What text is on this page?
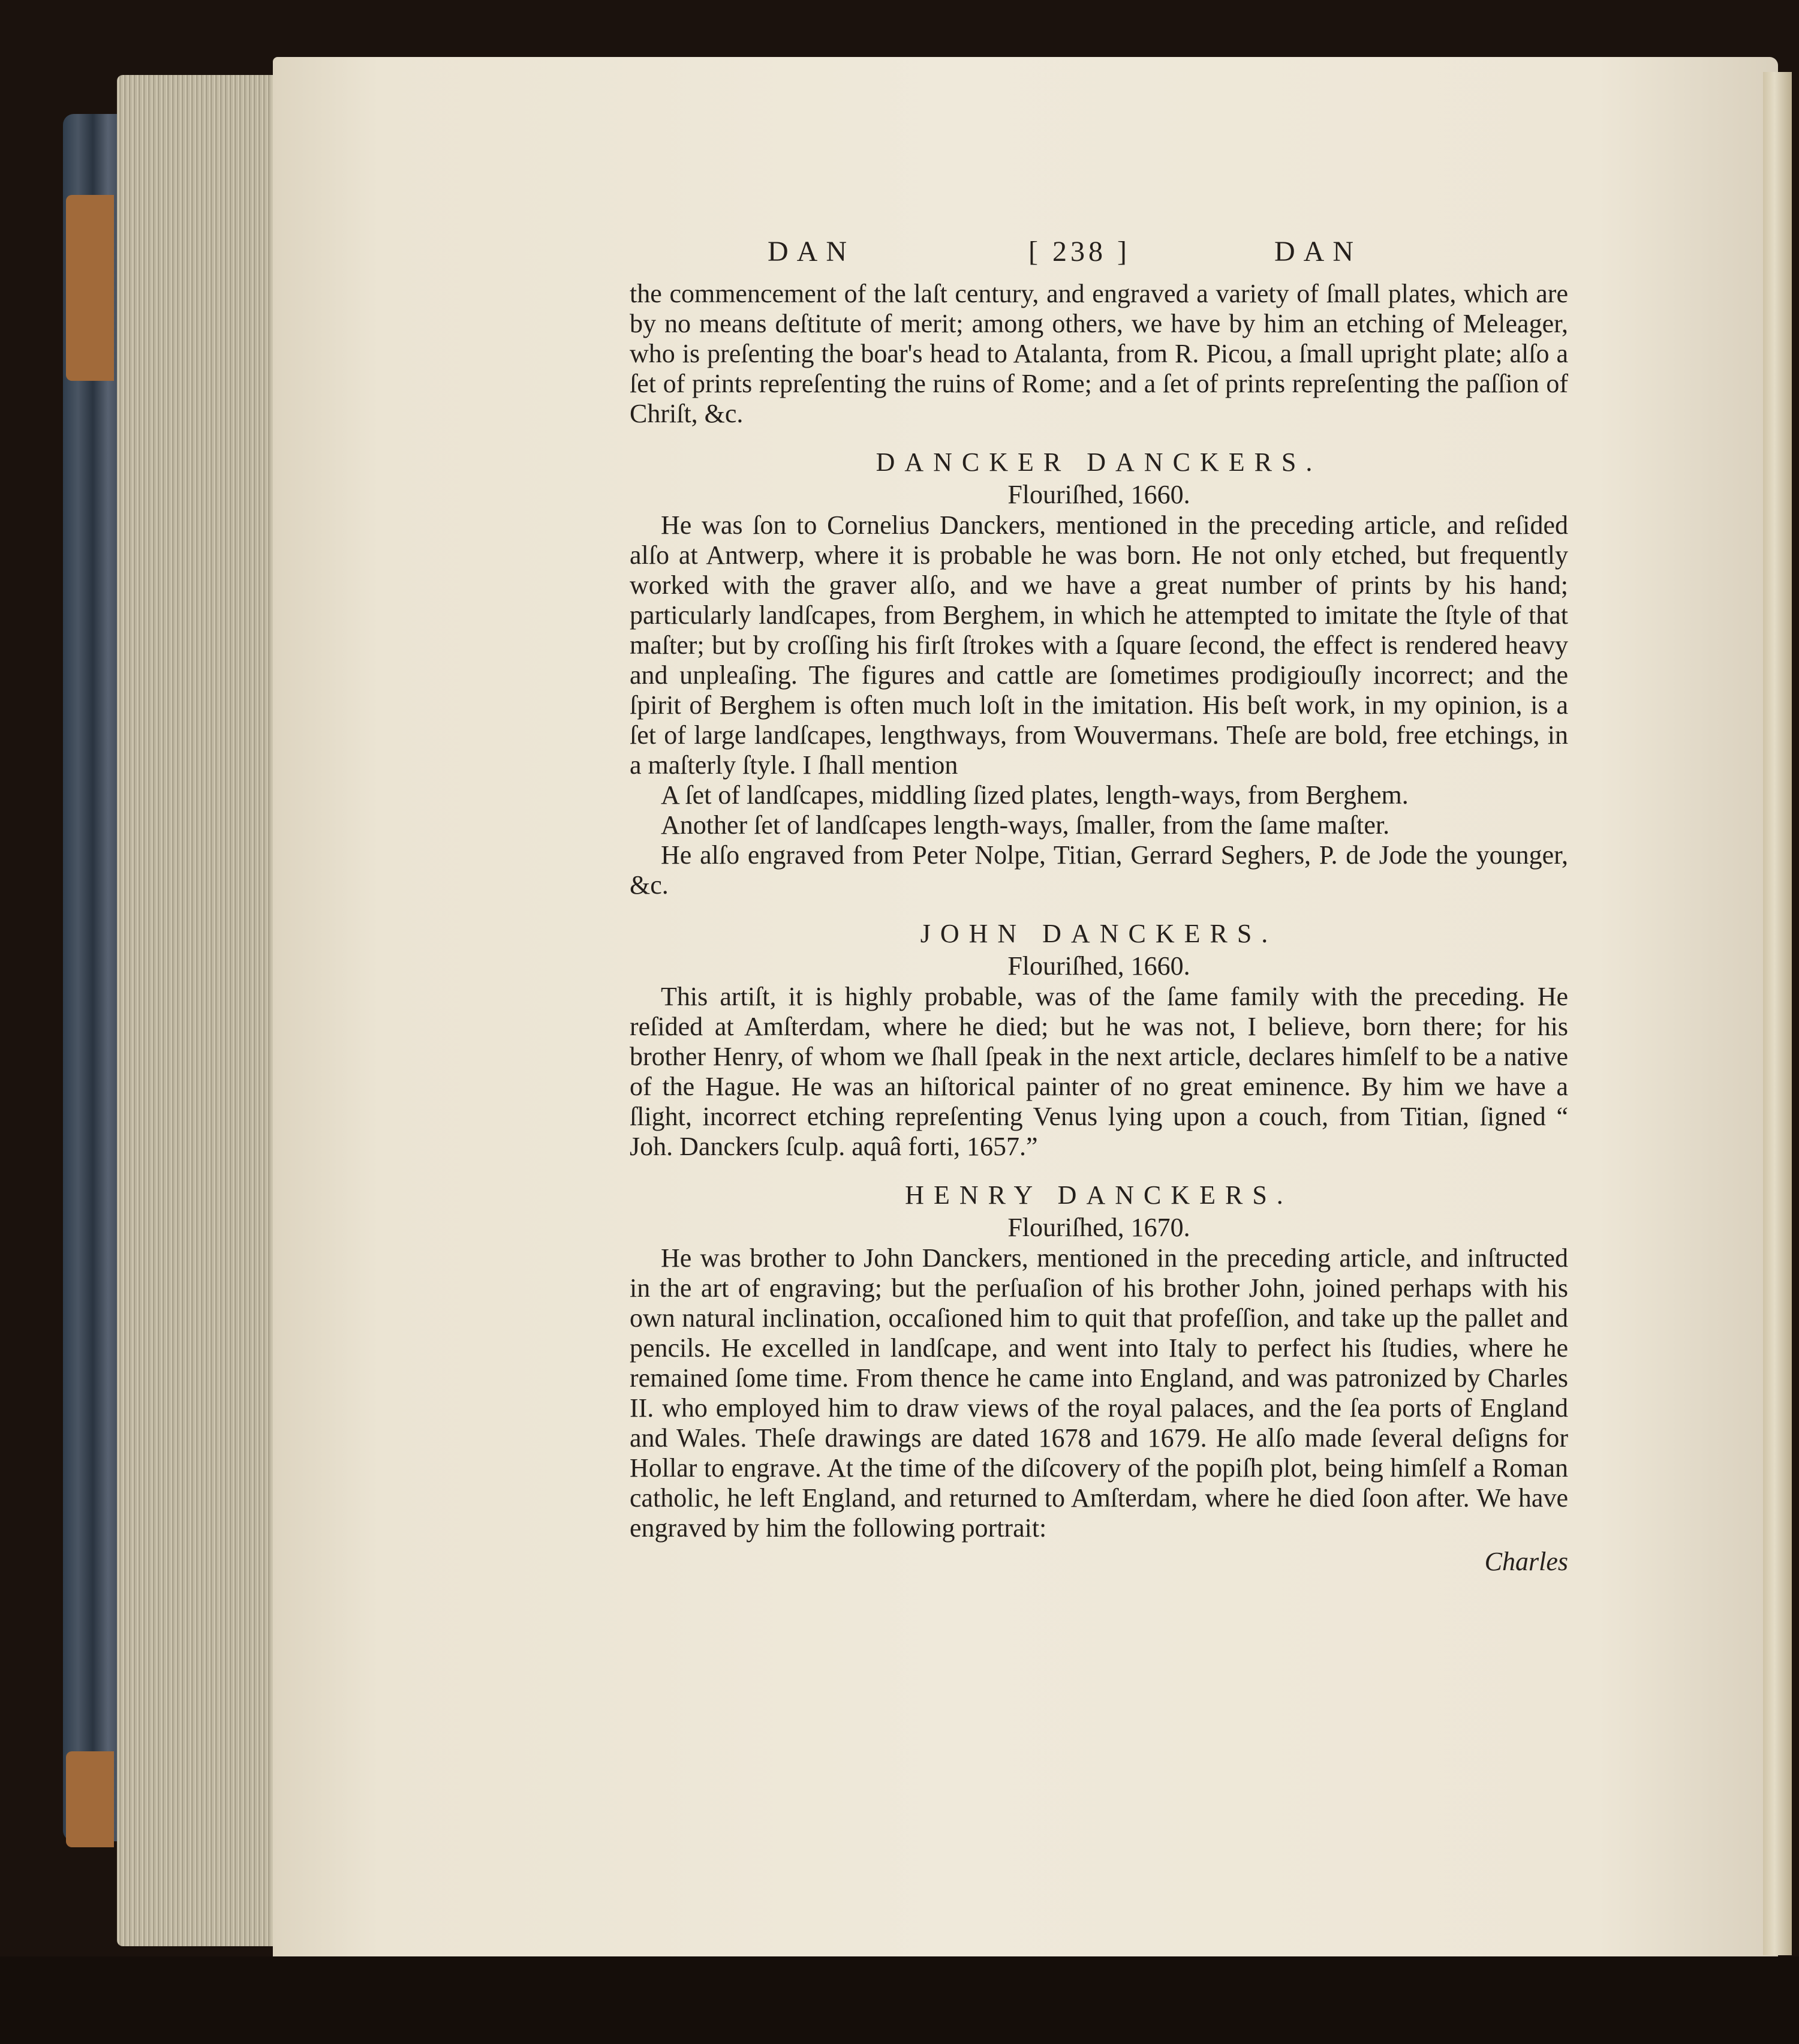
DAN	[ 238 ]	DAN

the commencement of the laſt century, and engraved a variety of ſmall plates, which are by no means deſtitute of merit; among others, we have by him an etching of Meleager, who is preſenting the boar's head to Atalanta, from R. Picou, a ſmall upright plate; alſo a ſet of prints repreſenting the ruins of Rome; and a ſet of prints repreſenting the paſſion of Chriſt, &c.

DANCKER DANCKERS.
Flouriſhed, 1660.

He was ſon to Cornelius Danckers, mentioned in the preceding article, and reſided alſo at Antwerp, where it is probable he was born. He not only etched, but frequently worked with the graver alſo, and we have a great number of prints by his hand; particularly landſcapes, from Berghem, in which he attempted to imitate the ſtyle of that maſter; but by croſſing his firſt ſtrokes with a ſquare ſecond, the effect is rendered heavy and unpleaſing. The figures and cattle are ſometimes prodigiouſly incorrect; and the ſpirit of Berghem is often much loſt in the imitation. His beſt work, in my opinion, is a ſet of large landſcapes, lengthways, from Wouvermans. Theſe are bold, free etchings, in a maſterly ſtyle. I ſhall mention

A ſet of landſcapes, middling ſized plates, length-ways, from Berghem.

Another ſet of landſcapes length-ways, ſmaller, from the ſame maſter.

He alſo engraved from Peter Nolpe, Titian, Gerrard Seghers, P. de Jode the younger, &c.

JOHN DANCKERS.
Flouriſhed, 1660.

This artiſt, it is highly probable, was of the ſame family with the preceding. He reſided at Amſterdam, where he died; but he was not, I believe, born there; for his brother Henry, of whom we ſhall ſpeak in the next article, declares himſelf to be a native of the Hague. He was an hiſtorical painter of no great eminence. By him we have a ſlight, incorrect etching repreſenting Venus lying upon a couch, from Titian, ſigned “ Joh. Danckers ſculp. aquâ forti, 1657.”

HENRY DANCKERS.
Flouriſhed, 1670.

He was brother to John Danckers, mentioned in the preceding article, and inſtructed in the art of engraving; but the perſuaſion of his brother John, joined perhaps with his own natural inclination, occaſioned him to quit that profeſſion, and take up the pallet and pencils. He excelled in landſcape, and went into Italy to perfect his ſtudies, where he remained ſome time. From thence he came into England, and was patronized by Charles II. who employed him to draw views of the royal palaces, and the ſea ports of England and Wales. Theſe drawings are dated 1678 and 1679. He alſo made ſeveral deſigns for Hollar to engrave. At the time of the diſcovery of the popiſh plot, being himſelf a Roman catholic, he left England, and returned to Amſterdam, where he died ſoon after. We have engraved by him the following portrait:

Charles
